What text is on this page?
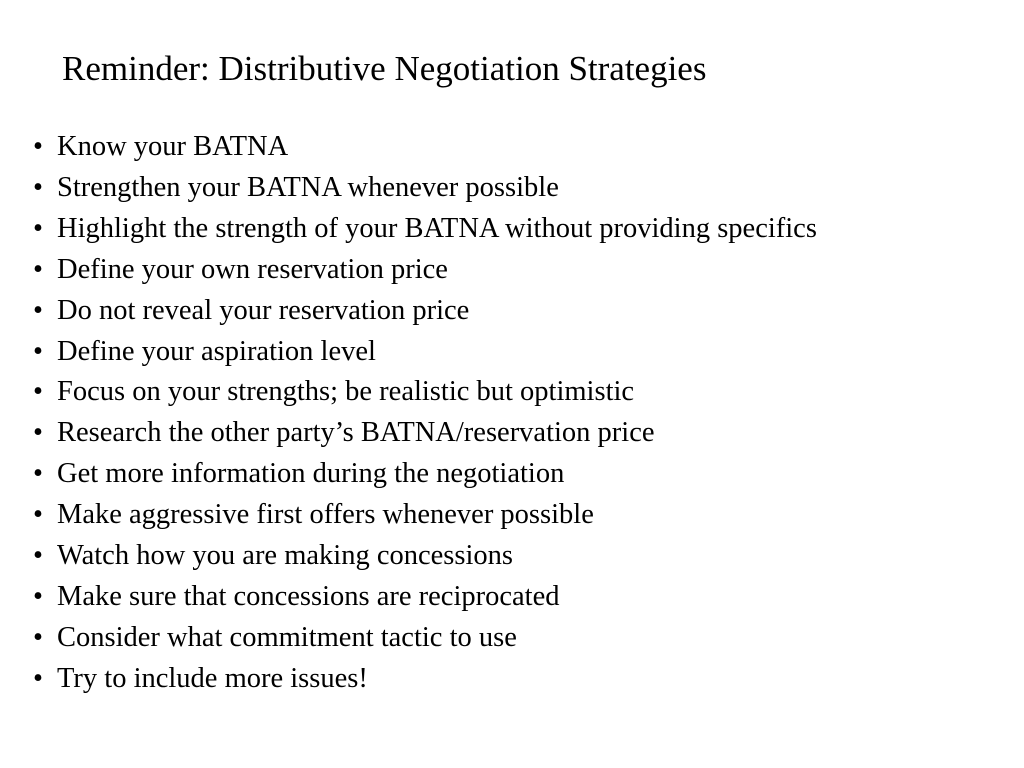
Reminder: Distributive Negotiation Strategies
• Know your BATNA
• Strengthen your BATNA whenever possible
• Highlight the strength of your BATNA without providing specifics
• Define your own reservation price
• Do not reveal your reservation price
• Define your aspiration level
• Focus on your strengths; be realistic but optimistic
• Research the other party’s BATNA/reservation price
• Get more information during the negotiation
• Make aggressive first offers whenever possible
• Watch how you are making concessions
• Make sure that concessions are reciprocated
• Consider what commitment tactic to use
• Try to include more issues!
